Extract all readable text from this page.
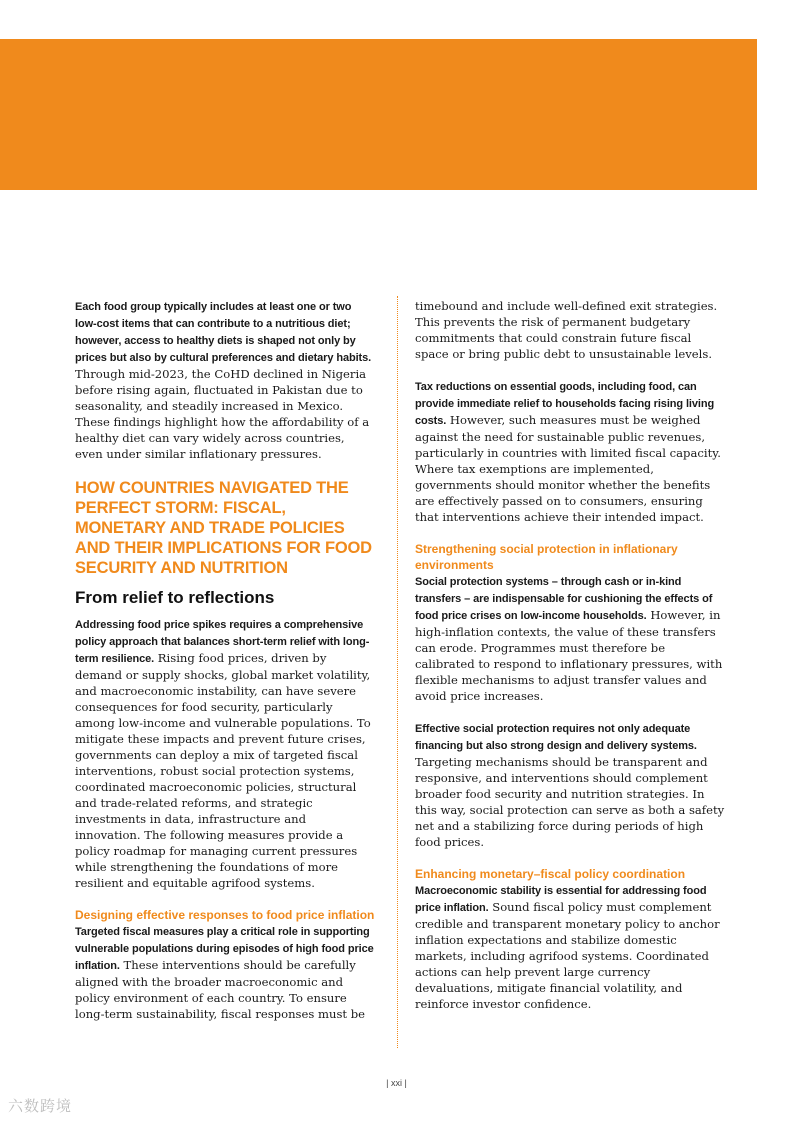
Each food group typically includes at least one or two low-cost items that can contribute to a nutritious diet; however, access to healthy diets is shaped not only by prices but also by cultural preferences and dietary habits. Through mid-2023, the CoHD declined in Nigeria before rising again, fluctuated in Pakistan due to seasonality, and steadily increased in Mexico. These findings highlight how the affordability of a healthy diet can vary widely across countries, even under similar inflationary pressures.

HOW COUNTRIES NAVIGATED THE PERFECT STORM: FISCAL, MONETARY AND TRADE POLICIES AND THEIR IMPLICATIONS FOR FOOD SECURITY AND NUTRITION
From relief to reflections

Addressing food price spikes requires a comprehensive policy approach that balances short-term relief with long-term resilience. Rising food prices, driven by demand or supply shocks, global market volatility, and macroeconomic instability, can have severe consequences for food security, particularly among low-income and vulnerable populations. To mitigate these impacts and prevent future crises, governments can deploy a mix of targeted fiscal interventions, robust social protection systems, coordinated macroeconomic policies, structural and trade-related reforms, and strategic investments in data, infrastructure and innovation. The following measures provide a policy roadmap for managing current pressures while strengthening the foundations of more resilient and equitable agrifood systems.

Designing effective responses to food price inflation

Targeted fiscal measures play a critical role in supporting vulnerable populations during episodes of high food price inflation. These interventions should be carefully aligned with the broader macroeconomic and policy environment of each country. To ensure long-term sustainability, fiscal responses must be

timebound and include well-defined exit strategies. This prevents the risk of permanent budgetary commitments that could constrain future fiscal space or bring public debt to unsustainable levels.

Tax reductions on essential goods, including food, can provide immediate relief to households facing rising living costs. However, such measures must be weighed against the need for sustainable public revenues, particularly in countries with limited fiscal capacity. Where tax exemptions are implemented, governments should monitor whether the benefits are effectively passed on to consumers, ensuring that interventions achieve their intended impact.

Strengthening social protection in inflationary environments

Social protection systems – through cash or in-kind transfers – are indispensable for cushioning the effects of food price crises on low-income households. However, in high-inflation contexts, the value of these transfers can erode. Programmes must therefore be calibrated to respond to inflationary pressures, with flexible mechanisms to adjust transfer values and avoid price increases.

Effective social protection requires not only adequate financing but also strong design and delivery systems. Targeting mechanisms should be transparent and responsive, and interventions should complement broader food security and nutrition strategies. In this way, social protection can serve as both a safety net and a stabilizing force during periods of high food prices.

Enhancing monetary–fiscal policy coordination

Macroeconomic stability is essential for addressing food price inflation. Sound fiscal policy must complement credible and transparent monetary policy to anchor inflation expectations and stabilize domestic markets, including agrifood systems. Coordinated actions can help prevent large currency devaluations, mitigate financial volatility, and reinforce investor confidence.

| xxi |
六数跨境
